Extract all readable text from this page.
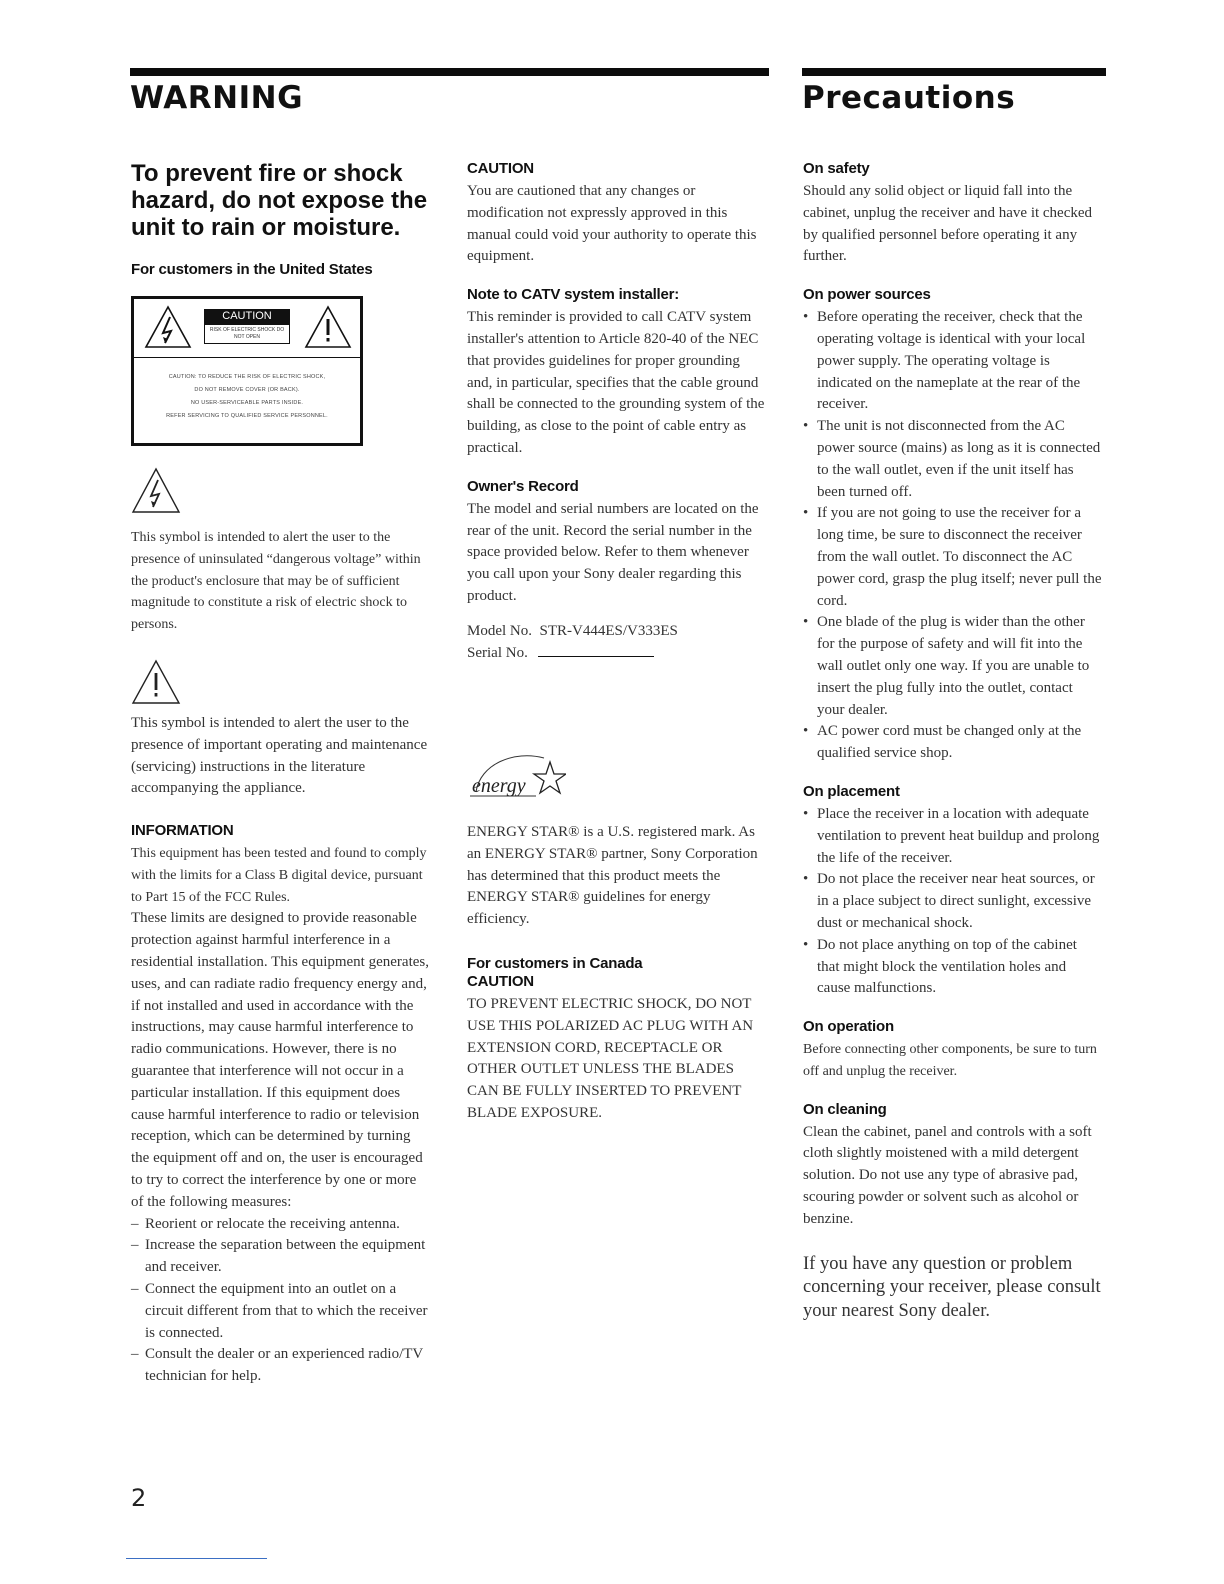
WARNING	Precautions

To prevent fire or shock hazard, do not expose the unit to rain or moisture.

For customers in the United States

CAUTION
RISK OF ELECTRIC SHOCK DO NOT OPEN
CAUTION: TO REDUCE THE RISK OF ELECTRIC SHOCK,
DO NOT REMOVE COVER (OR BACK).
NO USER-SERVICEABLE PARTS INSIDE.
REFER SERVICING TO QUALIFIED SERVICE PERSONNEL.

This symbol is intended to alert the user to the presence of uninsulated “dangerous voltage” within the product's enclosure that may be of sufficient magnitude to constitute a risk of electric shock to persons.

This symbol is intended to alert the user to the presence of important operating and maintenance (servicing) instructions in the literature accompanying the appliance.

INFORMATION

This equipment has been tested and found to comply with the limits for a Class B digital device, pursuant to Part 15 of the FCC Rules.

These limits are designed to provide reasonable protection against harmful interference in a residential installation. This equipment generates, uses, and can radiate radio frequency energy and, if not installed and used in accordance with the instructions, may cause harmful interference to radio communications. However, there is no guarantee that interference will not occur in a particular installation. If this equipment does cause harmful interference to radio or television reception, which can be determined by turning the equipment off and on, the user is encouraged to try to correct the interference by one or more of the following measures:

– Reorient or relocate the receiving antenna.
– Increase the separation between the equipment and receiver.
– Connect the equipment into an outlet on a circuit different from that to which the receiver is connected.
– Consult the dealer or an experienced radio/TV technician for help.
2

CAUTION

You are cautioned that any changes or modification not expressly approved in this manual could void your authority to operate this equipment.

Note to CATV system installer:

This reminder is provided to call CATV system installer's attention to Article 820-40 of the NEC that provides guidelines for proper grounding and, in particular, specifies that the cable ground shall be connected to the grounding system of the building, as close to the point of cable entry as practical.

Owner's Record

The model and serial numbers are located on the rear of the unit. Record the serial number in the space provided below. Refer to them whenever you call upon your Sony dealer regarding this product.

Model No. STR-V444ES/V333ES

Serial No.

energy

ENERGY STAR® is a U.S. registered mark. As an ENERGY STAR® partner, Sony Corporation has determined that this product meets the ENERGY STAR® guidelines for energy efficiency.

For customers in Canada

CAUTION

TO PREVENT ELECTRIC SHOCK, DO NOT USE THIS POLARIZED AC PLUG WITH AN EXTENSION CORD, RECEPTACLE OR OTHER OUTLET UNLESS THE BLADES CAN BE FULLY INSERTED TO PREVENT BLADE EXPOSURE.

On safety

Should any solid object or liquid fall into the cabinet, unplug the receiver and have it checked by qualified personnel before operating it any further.

On power sources

• Before operating the receiver, check that the operating voltage is identical with your local power supply. The operating voltage is indicated on the nameplate at the rear of the receiver.
• The unit is not disconnected from the AC power source (mains) as long as it is connected to the wall outlet, even if the unit itself has been turned off.
• If you are not going to use the receiver for a long time, be sure to disconnect the receiver from the wall outlet. To disconnect the AC power cord, grasp the plug itself; never pull the cord.
• One blade of the plug is wider than the other for the purpose of safety and will fit into the wall outlet only one way. If you are unable to insert the plug fully into the outlet, contact your dealer.
• AC power cord must be changed only at the qualified service shop.

On placement

• Place the receiver in a location with adequate ventilation to prevent heat buildup and prolong the life of the receiver.
• Do not place the receiver near heat sources, or in a place subject to direct sunlight, excessive dust or mechanical shock.
• Do not place anything on top of the cabinet that might block the ventilation holes and cause malfunctions.

On operation

Before connecting other components, be sure to turn off and unplug the receiver.

On cleaning

Clean the cabinet, panel and controls with a soft cloth slightly moistened with a mild detergent solution. Do not use any type of abrasive pad, scouring powder or solvent such as alcohol or benzine.

If you have any question or problem concerning your receiver, please consult your nearest Sony dealer.
